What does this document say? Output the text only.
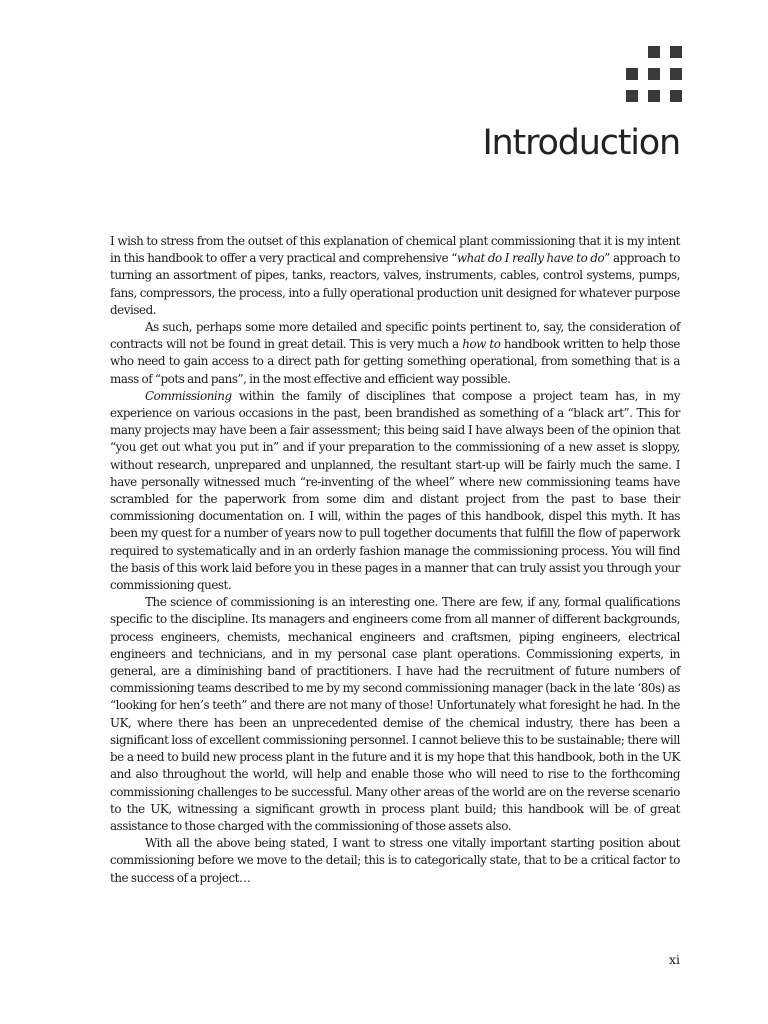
Introduction

I wish to stress from the outset of this explanation of chemical plant commissioning that it is my intent in this handbook to offer a very practical and comprehensive “what do I really have to do” approach to turning an assortment of pipes, tanks, reactors, valves, instruments, cables, control systems, pumps, fans, compressors, the process, into a fully operational production unit designed for whatever purpose devised.

As such, perhaps some more detailed and specific points pertinent to, say, the consideration of contracts will not be found in great detail. This is very much a how to handbook written to help those who need to gain access to a direct path for getting something operational, from something that is a mass of “pots and pans”, in the most effective and efficient way possible.

Commissioning within the family of disciplines that compose a project team has, in my experience on various occasions in the past, been brandished as something of a “black art”. This for many projects may have been a fair assessment; this being said I have always been of the opinion that “you get out what you put in” and if your preparation to the commissioning of a new asset is sloppy, without research, unprepared and unplanned, the resultant start-up will be fairly much the same. I have personally witnessed much “re-inventing of the wheel” where new commissioning teams have scrambled for the paperwork from some dim and distant project from the past to base their commissioning documentation on. I will, within the pages of this handbook, dispel this myth. It has been my quest for a number of years now to pull together documents that fulfill the flow of paperwork required to systematically and in an orderly fashion manage the commissioning process. You will find the basis of this work laid before you in these pages in a manner that can truly assist you through your commissioning quest.

The science of commissioning is an interesting one. There are few, if any, formal qualifications specific to the discipline. Its managers and engineers come from all manner of different backgrounds, process engineers, chemists, mechanical engineers and craftsmen, piping engineers, electrical engineers and technicians, and in my personal case plant operations. Commissioning experts, in general, are a diminishing band of practitioners. I have had the recruitment of future numbers of commissioning teams described to me by my second commissioning manager (back in the late ‘80s) as “looking for hen’s teeth” and there are not many of those! Unfortunately what foresight he had. In the UK, where there has been an unprecedented demise of the chemical industry, there has been a significant loss of excellent commissioning personnel. I cannot believe this to be sustainable; there will be a need to build new process plant in the future and it is my hope that this handbook, both in the UK and also throughout the world, will help and enable those who will need to rise to the forthcoming commissioning challenges to be successful. Many other areas of the world are on the reverse scenario to the UK, witnessing a significant growth in process plant build; this handbook will be of great assistance to those charged with the commissioning of those assets also.

With all the above being stated, I want to stress one vitally important starting position about commissioning before we move to the detail; this is to categorically state, that to be a critical factor to the success of a project…

xi
